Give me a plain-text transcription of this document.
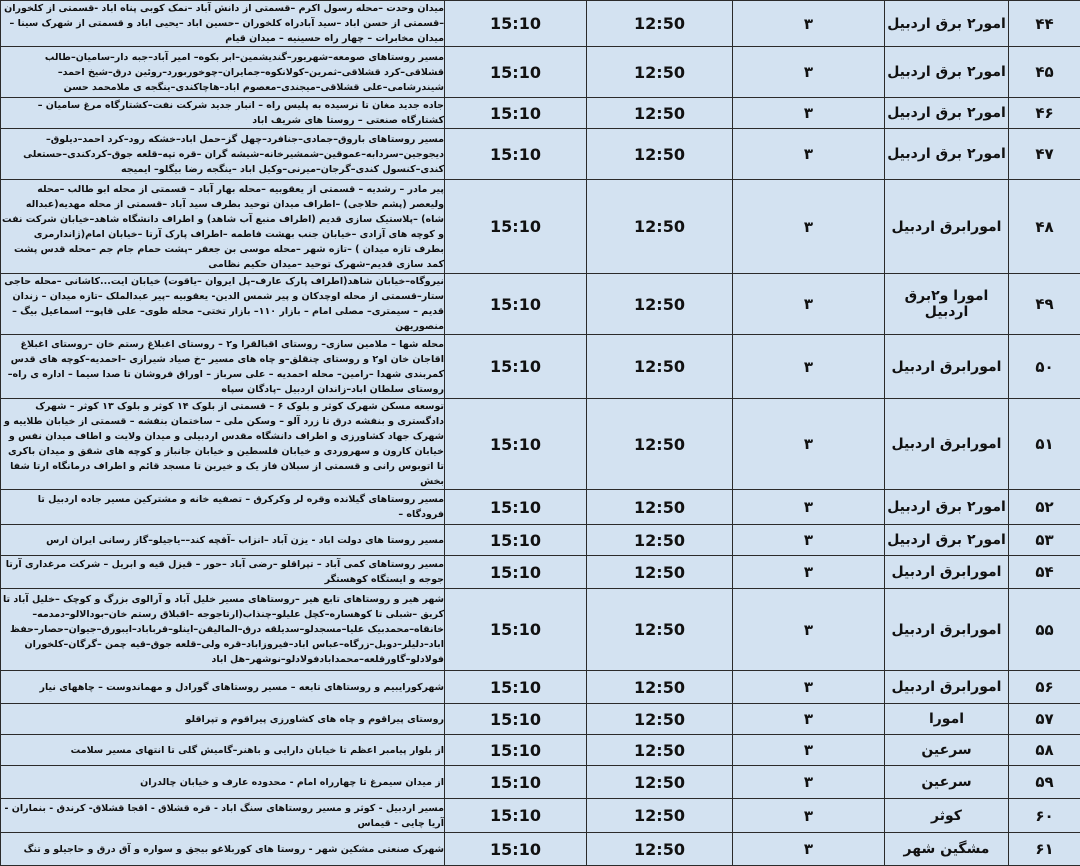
۴۴	امور۲ برق اردبیل	۳	12:50	15:10	میدان وحدت –محله رسول اکرم –قسمتی از دانش آباد –نمک کوبی پناه اباد -قسمتی از کلخوران –قسمتی از حسن اباد –سید آبادراه کلخوران –حسین اباد –یحیی اباد و قسمتی از شهرک سینا –میدان مخابرات – چهار راه حسینیه – میدان قیام
۴۵	امور۲ برق اردبیل	۳	12:50	15:10	مسیر روستاهای صومعه–شهریور–گندیشمین–ابر بکوه– امیر آباد–جبه دار–سامیان–طالب قشلاقی–کرد قشلاقی–ثمرین–کولانکوه–جمایران–چوخوربورد–روئین درق–شیخ احمد–شیندرشامی–علی قشلاقی–میجندی–معصوم اباد–هاچاکندی–ینگجه ی ملامحمد حسن
۴۶	امور۲ برق اردبیل	۳	12:50	15:10	جاده جدید مغان تا نرسیده به پلیس راه – انبار جدید شرکت نفت–کشتارگاه مرغ سامیان –کشتارگاه صنعتی – روستا های شریف اباد
۴۷	امور۲ برق اردبیل	۳	12:50	15:10	مسیر روستاهای باروق–جمادی–جنافرد–چهل گز–حمل اباد–خشکه رود–کرد احمد–دیلوق–دیجوجین–سردابه–عموقین–شمشیرخانه–شیشه گران –قره تپه–قلعه جوق–کردکندی–حستعلی کندی–کنسول کندی–گرجان–میرنی–وکیل اباد –ینگجه رضا بیگلو– ایمیجه
۴۸	امورابرق اردبیل	۳	12:50	15:10	پیر مادر – رشدیه – قسمتی از یعقوبیه –محله بهار آباد – قسمتی از محله ابو طالب –محله ولیعصر (پشم حلاجی) –اطراف میدان توحید بطرف سید آباد –قسمتی از محله مهدیه(عبداله شاه) –پلاستیک سازی قدیم (اطراف منبع آب شاهد) و اطراف دانشگاه شاهد–خیابان شرکت نفت و کوچه های آزادی –خیابان جنب بهشت فاطمه –اطراف پارک آرتا –خیابان امام(ژاندارمری بطرف تازه میدان ) –تازه شهر –محله موسی بن جعفر –پشت حمام جام جم –محله قدس پشت کمد سازی قدیم–شهرک توحید –میدان حکیم نظامی
۴۹	امورا و۲برق اردبیل	۳	12:50	15:10	نیروگاه–خیابان شاهد(اطراف پارک عارف–پل ایروان –یاقوت) خیابان ایت...کاشانی –محله حاجی ستار–قسمتی از محله اوچدکان و پیر شمس الدین- یعقوبیه –پیر عبدالملک –تازه میدان – زندان قدیم – سیمتری– مصلی امام – بازار ۱۱۰– بازار تختی– محله طوی– علی قاپو–- اسماعیل بیگ – منصوریهن
۵۰	امورابرق اردبیل	۳	12:50	15:10	محله شها – ملامین سازی– روستای اقبالقرا و۲ – روستای اغبلاغ رستم خان –روستای اغبلاغ اقاجان خان او۲ و روستای چنقلق–و چاه های مسیر –خ صیاد شیرازی –احمدیه–کوچه های قدس کمربندی شهدا –رامین– محله احمدیه – علی سرباز – اوراق فروشان تا صدا سیما – اداره ی راه– روستای سلطان اباد–زاندان اردبیل –پادگان سپاه
۵۱	امورابرق اردبیل	۳	12:50	15:10	توسعه مسکن شهرک کوثر و بلوک ۶ – قسمتی از بلوک ۱۴ کوثر و بلوک ۱۳ کوثر – شهرک دادگستری و بنفشه درق تا زرد آلو – وسکن ملی – ساختمان بنفشه – قسمتی از خیابان طلاییه و شهرک جهاد کشاورزی و اطراف دانشگاه مقدس اردبیلی و میدان ولایت و اطاف میدان نفس و خیابان کارون و سهروردی و خیابان فلسطین و خیابان جانباز و کوچه های شقق و میدان باکری تا اتوبوس رانی و قسمتی از سبلان فاز یک و خیرین تا مسجد قائم و اطراف درمانگاه ارتا شفا بخش
۵۲	امور۲ برق اردبیل	۳	12:50	15:10	مسیر روستاهای گیلانده وقره لر وکرکرق – تصفیه خانه و مشترکین مسیر جاده اردبیل تا فرودگاه –
۵۳	امور۲ برق اردبیل	۳	12:50	15:10	مسیر روستا های دولت اباد - یزن آباد –انزاب –آقچه کند––یاجیلو–گاز رسانی ایران ارس
۵۴	امورابرق اردبیل	۳	12:50	15:10	مسیر روستاهای کمی آباد – تپراقلو –رضی آباد –حور – قیزل قیه و ابریل – شرکت مرغداری آرتا جوجه و ایستگاه کوهستگر
۵۵	امورابرق اردبیل	۳	12:50	15:10	شهر هیر و روستاهای تابع هیر –روستاهای مسیر خلیل آباد و آرالوی بزرگ و کوچک –خلیل آباد تا کریق –شبلی تا کوهساره–کچل علیلو–چنذاب(ارتاجوجه –اقبلاق رستم خان–بودالالو–دمدمه–خانقاه–محمدبیک علیا–مسجدلو–سدیلقه درق–المالیقن–اینلو–قرباباد–ایبورق–جیوان–حصار–حفظ اباد–دلیلر–دوبل–زرگاه–عباس اباد–فیروزاباد–قره ولی–قلعه جوق–قیه چمن –گرگان–کلخوران فولادلو–گاورقلعه–محمدابادفولادلو–نوشهر–هل اباد
۵۶	امورابرق اردبیل	۳	12:50	15:10	شهرکورایبیم و روستاهای تابعه – مسیر روستاهای گورادل و مهماندوست – چاههای نیار
۵۷	امورا	۳	12:50	15:10	روستای پیراقوم و چاه های کشاورزی پیراقوم و تپراقلو
۵۸	سرعین	۳	12:50	15:10	از بلوار پیامبر اعظم تا خیابان دارایی و باهنر–گامیش گلی تا انتهای مسیر سلامت
۵۹	سرعین	۳	12:50	15:10	از میدان سیمرغ تا چهارراه امام - محدوده عارف و خیابان چالدران
۶۰	کوثر	۳	12:50	15:10	مسیر اردبیل - کوثر و مسیر روستاهای سنگ اباد - قره قشلاق - اقجا قشلاق- کرندق - بنماران - آریا چایی - قیماس
۶۱	مشگین شهر	۳	12:50	15:10	شهرک صنعتی مشکین شهر - روستا های کوربلاغو بیجق و سواره و آق درق و حاجیلو و تنگ
